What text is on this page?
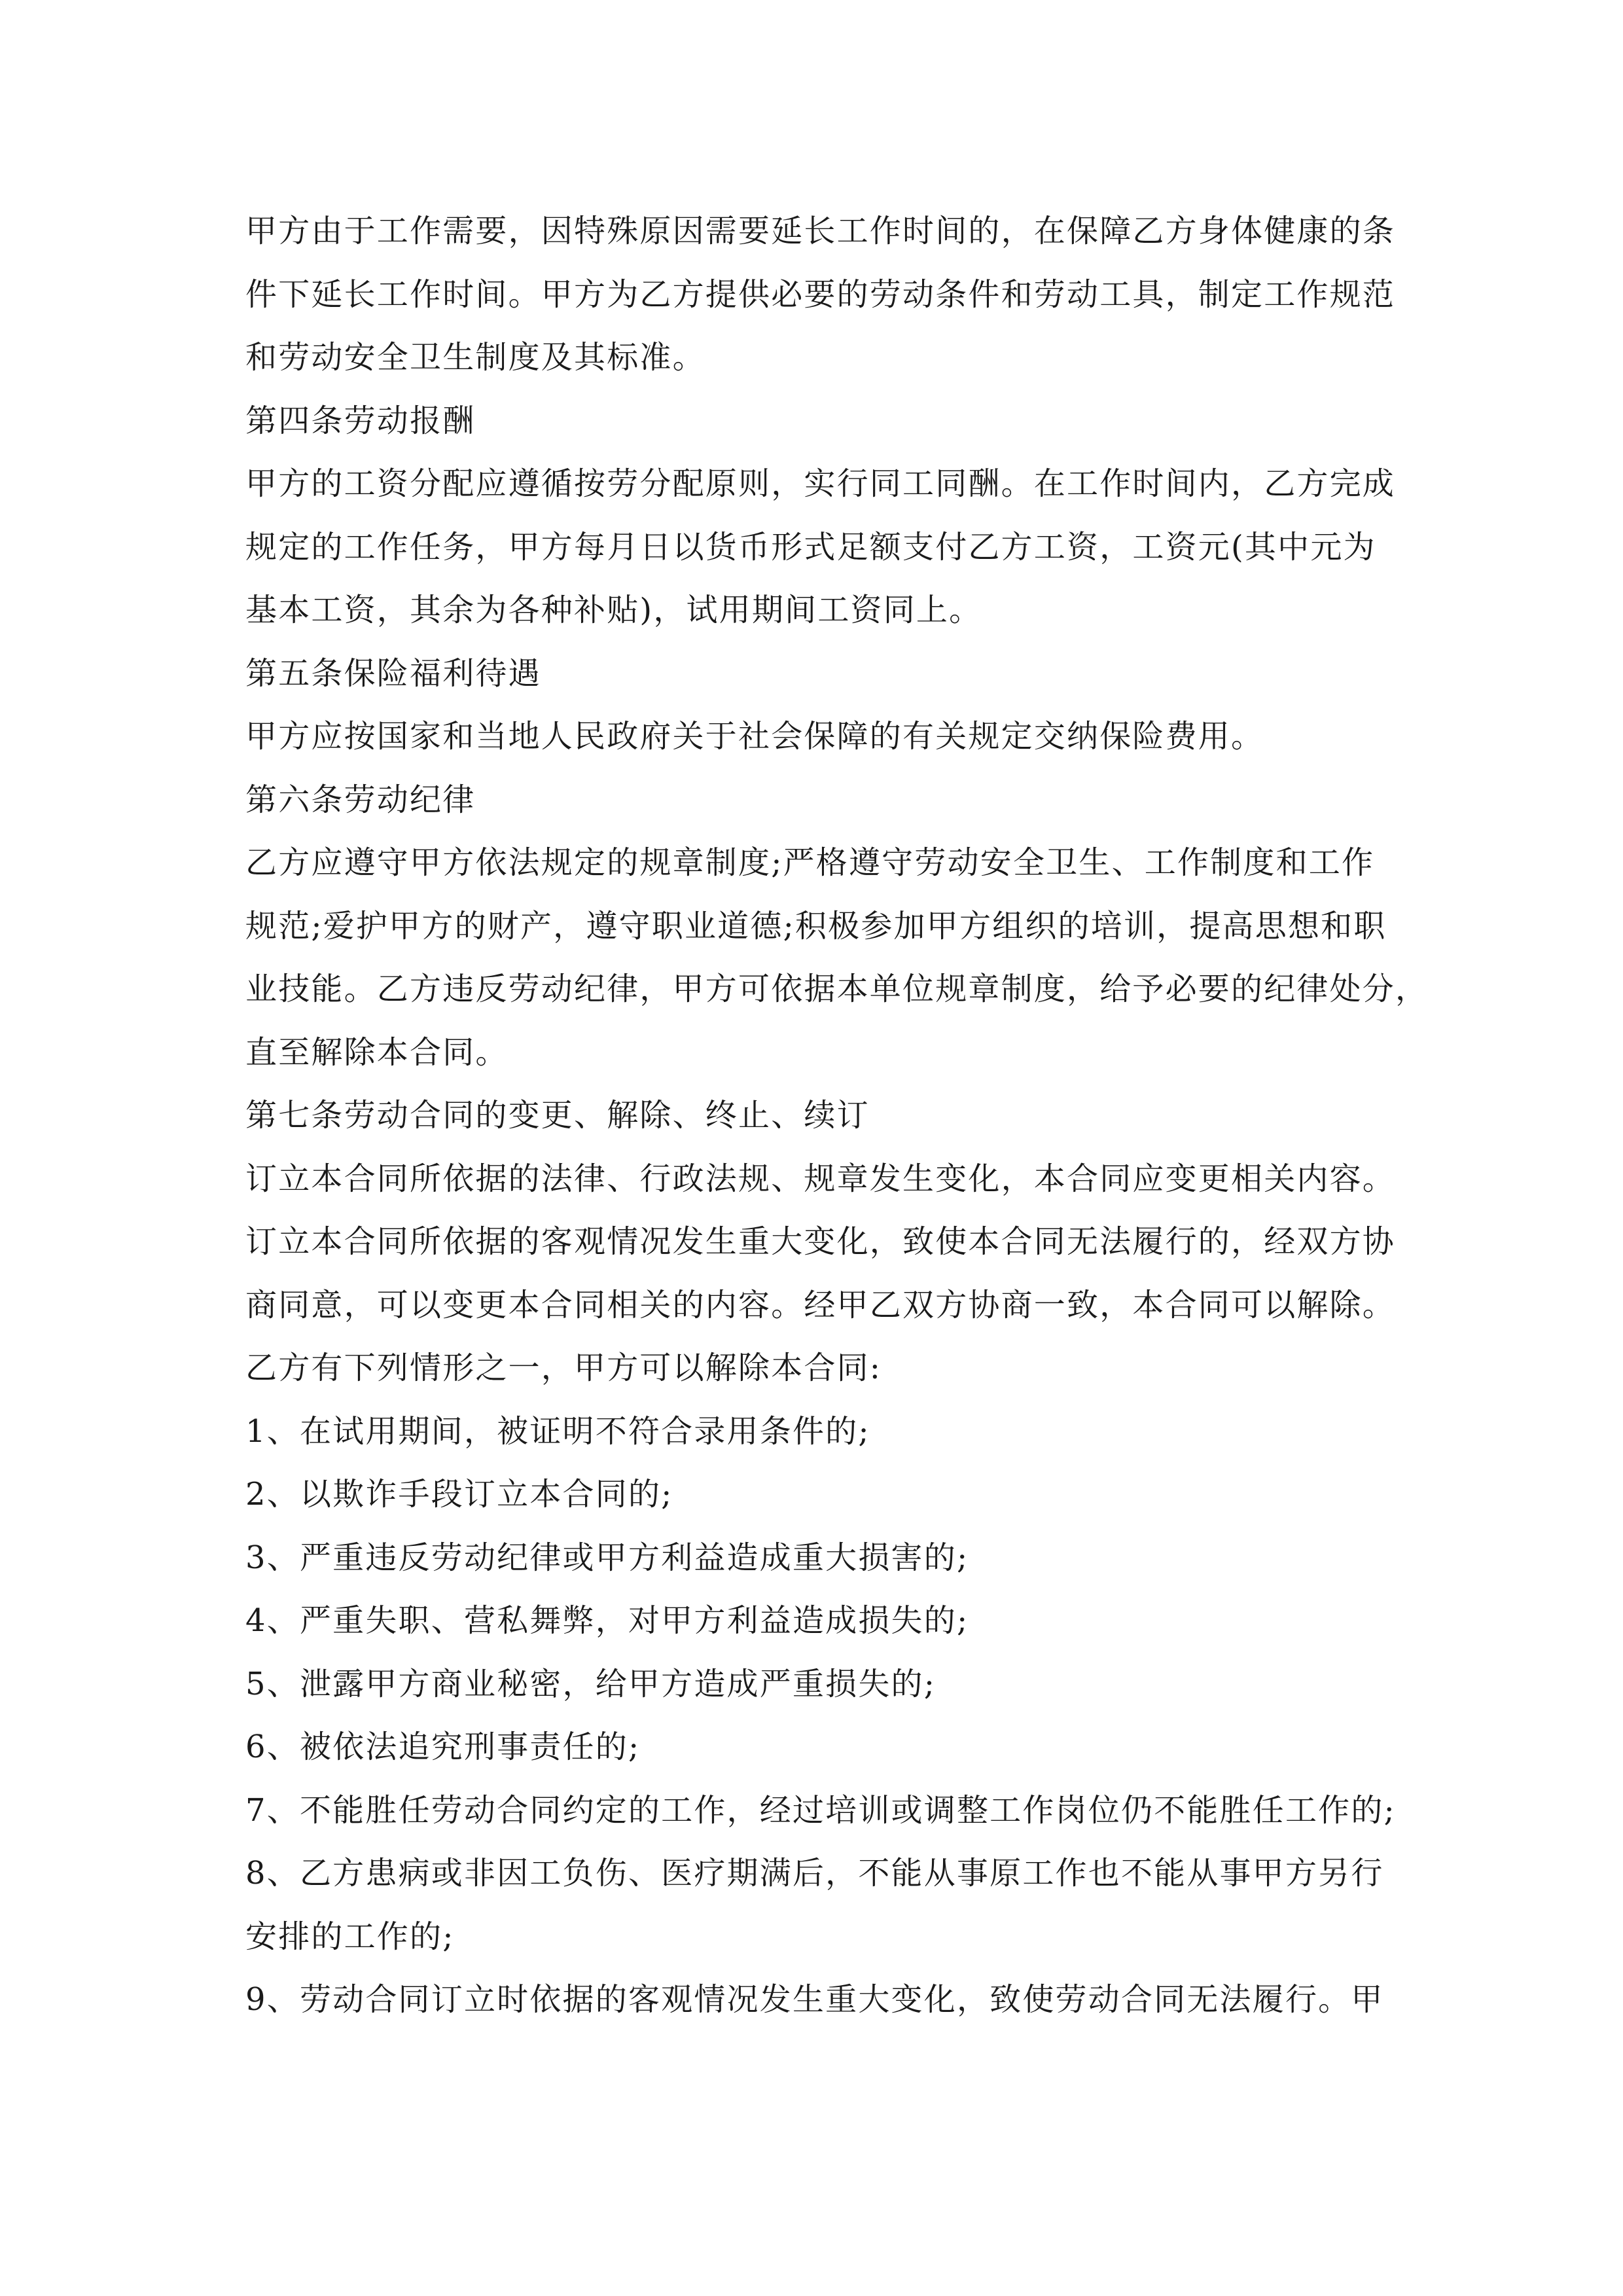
甲方由于工作需要，因特殊原因需要延长工作时间的，在保障乙方身体健康的条
件下延长工作时间。甲方为乙方提供必要的劳动条件和劳动工具，制定工作规范
和劳动安全卫生制度及其标准。
第四条劳动报酬
甲方的工资分配应遵循按劳分配原则，实行同工同酬。在工作时间内，乙方完成
规定的工作任务，甲方每月日以货币形式足额支付乙方工资，工资元(其中元为
基本工资，其余为各种补贴)，试用期间工资同上。
第五条保险福利待遇
甲方应按国家和当地人民政府关于社会保障的有关规定交纳保险费用。
第六条劳动纪律
乙方应遵守甲方依法规定的规章制度;严格遵守劳动安全卫生、工作制度和工作
规范;爱护甲方的财产，遵守职业道德;积极参加甲方组织的培训，提高思想和职
业技能。乙方违反劳动纪律，甲方可依据本单位规章制度，给予必要的纪律处分，
直至解除本合同。
第七条劳动合同的变更、解除、终止、续订
订立本合同所依据的法律、行政法规、规章发生变化，本合同应变更相关内容。
订立本合同所依据的客观情况发生重大变化，致使本合同无法履行的，经双方协
商同意，可以变更本合同相关的内容。经甲乙双方协商一致，本合同可以解除。
乙方有下列情形之一，甲方可以解除本合同:
1、在试用期间，被证明不符合录用条件的;
2、以欺诈手段订立本合同的;
3、严重违反劳动纪律或甲方利益造成重大损害的;
4、严重失职、营私舞弊，对甲方利益造成损失的;
5、泄露甲方商业秘密，给甲方造成严重损失的;
6、被依法追究刑事责任的;
7、不能胜任劳动合同约定的工作，经过培训或调整工作岗位仍不能胜任工作的;
8、乙方患病或非因工负伤、医疗期满后，不能从事原工作也不能从事甲方另行
安排的工作的;
9、劳动合同订立时依据的客观情况发生重大变化，致使劳动合同无法履行。甲
